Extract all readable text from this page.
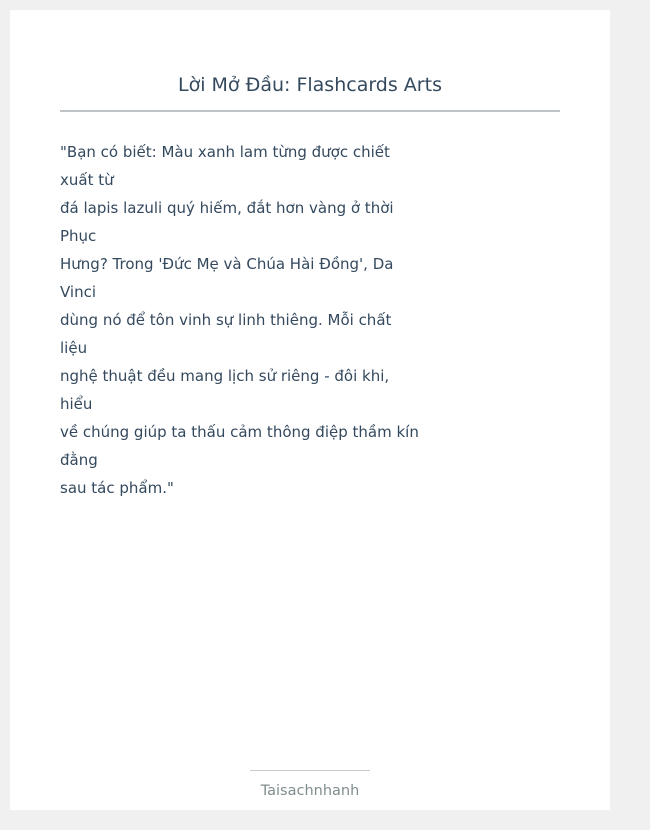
Lời Mở Đầu: Flashcards Arts
"Bạn có biết: Màu xanh lam từng được chiết
xuất từ
đá lapis lazuli quý hiếm, đắt hơn vàng ở thời
Phục
Hưng? Trong 'Đức Mẹ và Chúa Hài Đồng', Da
Vinci
dùng nó để tôn vinh sự linh thiêng. Mỗi chất
liệu
nghệ thuật đều mang lịch sử riêng - đôi khi,
hiểu
về chúng giúp ta thấu cảm thông điệp thầm kín
đằng
sau tác phẩm."
Taisachnhanh
